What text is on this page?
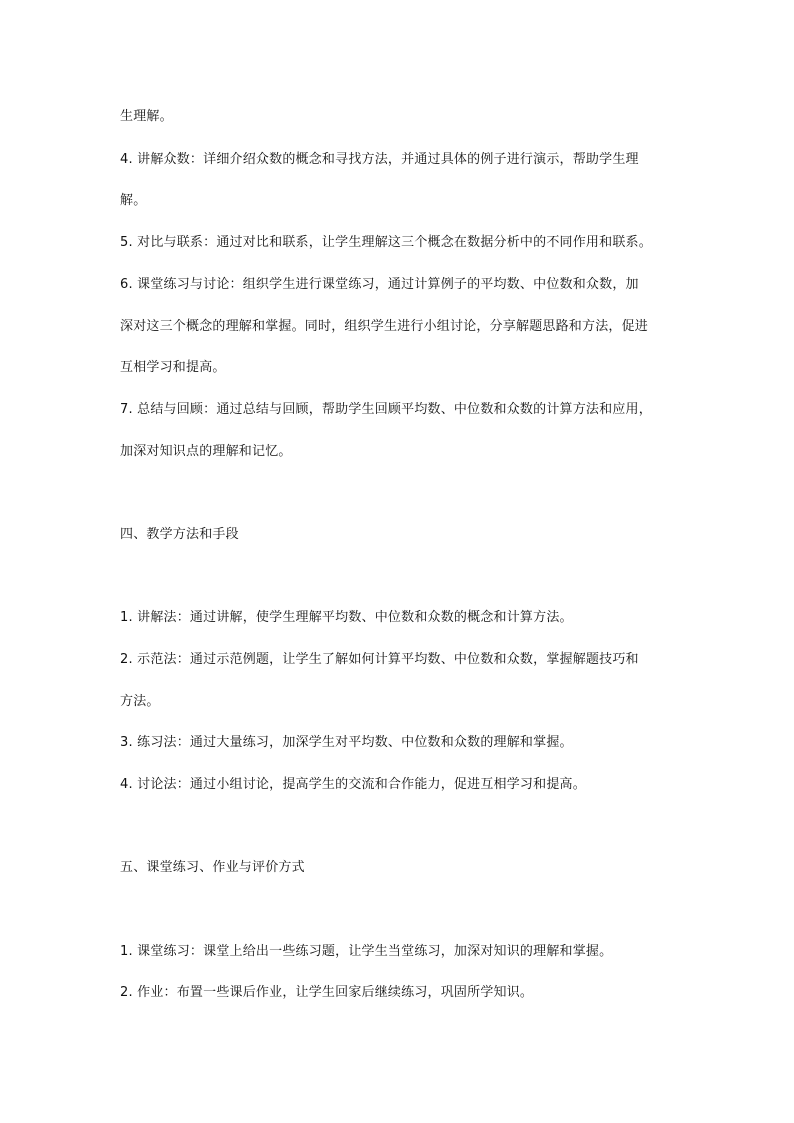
生理解。
4. 讲解众数：详细介绍众数的概念和寻找方法，并通过具体的例子进行演示，帮助学生理
解。
5. 对比与联系：通过对比和联系，让学生理解这三个概念在数据分析中的不同作用和联系。
6. 课堂练习与讨论：组织学生进行课堂练习，通过计算例子的平均数、中位数和众数，加
深对这三个概念的理解和掌握。同时，组织学生进行小组讨论，分享解题思路和方法，促进
互相学习和提高。
7. 总结与回顾：通过总结与回顾，帮助学生回顾平均数、中位数和众数的计算方法和应用，
加深对知识点的理解和记忆。
四、教学方法和手段
1. 讲解法：通过讲解，使学生理解平均数、中位数和众数的概念和计算方法。
2. 示范法：通过示范例题，让学生了解如何计算平均数、中位数和众数，掌握解题技巧和
方法。
3. 练习法：通过大量练习，加深学生对平均数、中位数和众数的理解和掌握。
4. 讨论法：通过小组讨论，提高学生的交流和合作能力，促进互相学习和提高。
五、课堂练习、作业与评价方式
1. 课堂练习：课堂上给出一些练习题，让学生当堂练习，加深对知识的理解和掌握。
2. 作业：布置一些课后作业，让学生回家后继续练习，巩固所学知识。
